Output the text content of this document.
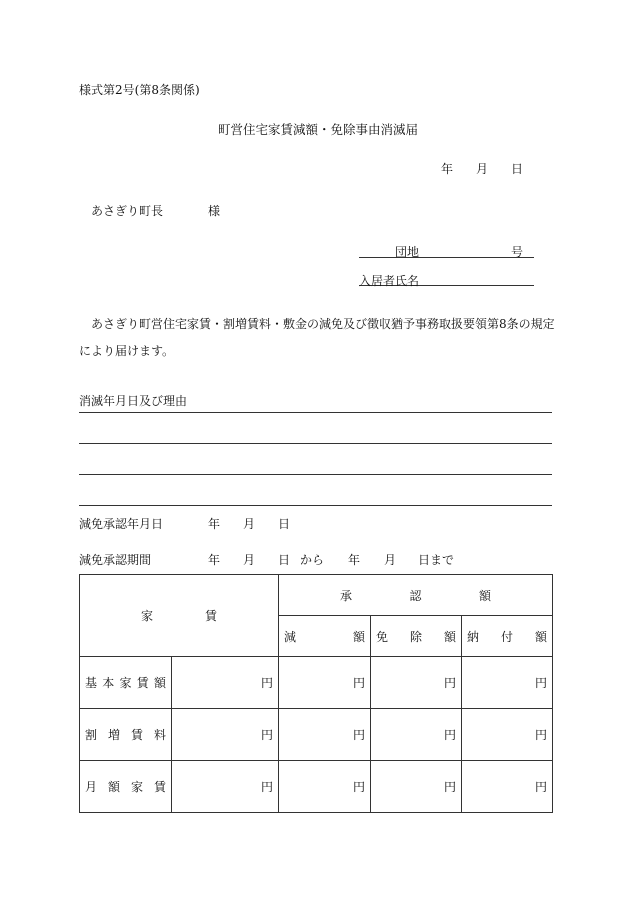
様式第2号(第8条関係)
町営住宅家賃減額・免除事由消滅届
年 月 日
あさぎり町長	様
団地	号
入居者氏名
あさぎり町営住宅家賃・割増賃料・敷金の減免及び徴収猶予事務取扱要領第8条の規定
により届けます。
消滅年月日及び理由
減免承認年月日	年 月 日
減免承認期間	年 月 日 から 年 月 日まで
家 賃		承 認 額		

		減 額	免 除 額	納 付 額

基 本 家 賃 額	円	円	円	円

割 増 賃 料	円	円	円	円

月 額 家 賃	円	円	円	円
